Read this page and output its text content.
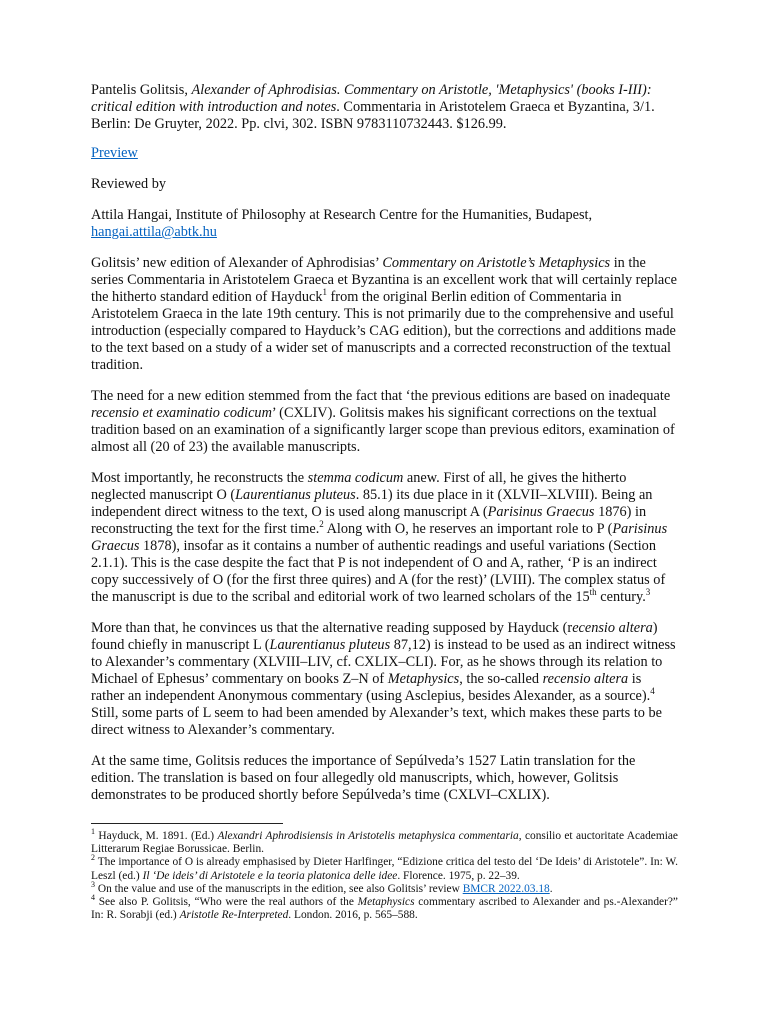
Pantelis Golitsis, Alexander of Aphrodisias. Commentary on Aristotle, 'Metaphysics' (books I-III): critical edition with introduction and notes. Commentaria in Aristotelem Graeca et Byzantina, 3/1. Berlin: De Gruyter, 2022. Pp. clvi, 302. ISBN 9783110732443. $126.99.

Preview

Reviewed by

Attila Hangai, Institute of Philosophy at Research Centre for the Humanities, Budapest,
hangai.attila@abtk.hu

Golitsis’ new edition of Alexander of Aphrodisias’ Commentary on Aristotle’s Metaphysics in the series Commentaria in Aristotelem Graeca et Byzantina is an excellent work that will certainly replace the hitherto standard edition of Hayduck$^1$ from the original Berlin edition of Commentaria in Aristotelem Graeca in the late 19th century. This is not primarily due to the comprehensive and useful introduction (especially compared to Hayduck’s CAG edition), but the corrections and additions made to the text based on a study of a wider set of manuscripts and a corrected reconstruction of the textual tradition.

The need for a new edition stemmed from the fact that ‘the previous editions are based on inadequate recensio et examinatio codicum’ (CXLIV). Golitsis makes his significant corrections on the textual tradition based on an examination of a significantly larger scope than previous editors, examination of almost all (20 of 23) the available manuscripts.

Most importantly, he reconstructs the stemma codicum anew. First of all, he gives the hitherto neglected manuscript O (Laurentianus pluteus. 85.1) its due place in it (XLVII–XLVIII). Being an independent direct witness to the text, O is used along manuscript A (Parisinus Graecus 1876) in reconstructing the text for the first time.$^2$ Along with O, he reserves an important role to P (Parisinus Graecus 1878), insofar as it contains a number of authentic readings and useful variations (Section 2.1.1). This is the case despite the fact that P is not independent of O and A, rather, ‘P is an indirect copy successively of O (for the first three quires) and A (for the rest)’ (LVIII). The complex status of the manuscript is due to the scribal and editorial work of two learned scholars of the 15th century.$^3$

More than that, he convinces us that the alternative reading supposed by Hayduck (recensio altera) found chiefly in manuscript L (Laurentianus pluteus 87,12) is instead to be used as an indirect witness to Alexander’s commentary (XLVIII–LIV, cf. CXLIX–CLI). For, as he shows through its relation to Michael of Ephesus’ commentary on books Z–N of Metaphysics, the so-called recensio altera is rather an independent Anonymous commentary (using Asclepius, besides Alexander, as a source).$^4$ Still, some parts of L seem to had been amended by Alexander’s text, which makes these parts to be direct witness to Alexander’s commentary.

At the same time, Golitsis reduces the importance of Sepúlveda’s 1527 Latin translation for the edition. The translation is based on four allegedly old manuscripts, which, however, Golitsis demonstrates to be produced shortly before Sepúlveda’s time (CXLVI–CXLIX).

$^1$ Hayduck, M. 1891. (Ed.) Alexandri Aphrodisiensis in Aristotelis metaphysica commentaria, consilio et auctoritate Academiae Litterarum Regiae Borussicae. Berlin.

$^2$ The importance of O is already emphasised by Dieter Harlfinger, “Edizione critica del testo del ‘De Ideis’ di Aristotele”. In: W. Leszl (ed.) Il ‘De ideis’ di Aristotele e la teoria platonica delle idee. Florence. 1975, p. 22–39.

$^3$ On the value and use of the manuscripts in the edition, see also Golitsis’ review BMCR 2022.03.18.

$^4$ See also P. Golitsis, “Who were the real authors of the Metaphysics commentary ascribed to Alexander and ps.-Alexander?” In: R. Sorabji (ed.) Aristotle Re-Interpreted. London. 2016, p. 565–588.
